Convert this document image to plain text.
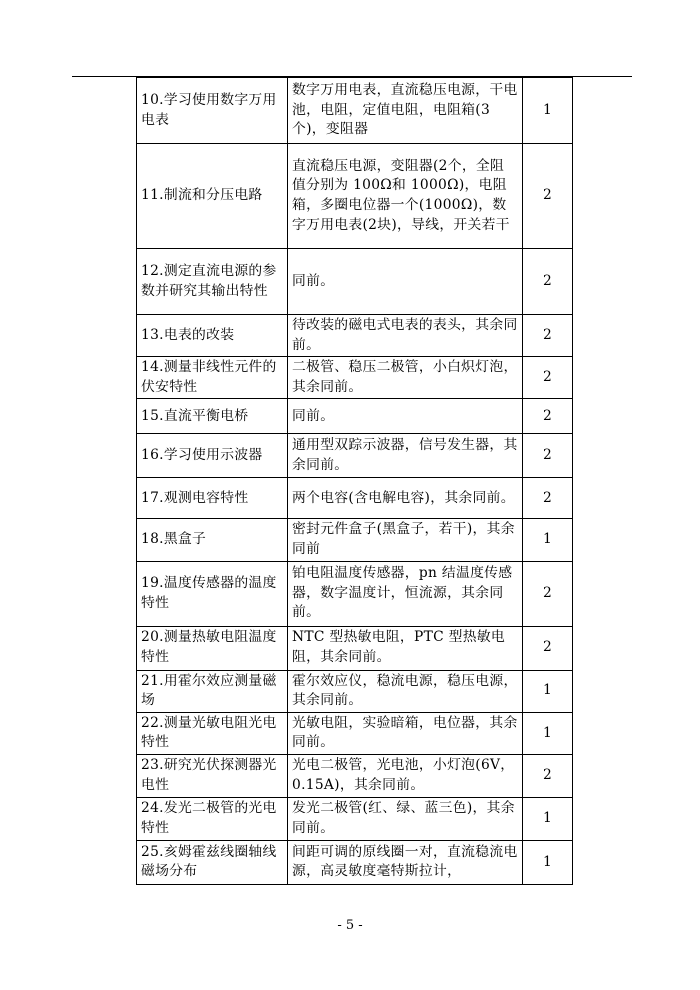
10.学习使用数字万用电表	数字万用电表，直流稳压电源，干电池，电阻，定值电阻，电阻箱(3个)，变阻器	1
11.制流和分压电路	直流稳压电源，变阻器(2个，全阻值分别为 100Ω和 1000Ω)，电阻箱，多圈电位器一个(1000Ω)，数字万用电表(2块)，导线，开关若干	2
12.测定直流电源的参数并研究其输出特性	同前。	2
13.电表的改装	待改装的磁电式电表的表头，其余同前。	2
14.测量非线性元件的伏安特性	二极管、稳压二极管，小白炽灯泡，其余同前。	2
15.直流平衡电桥	同前。	2
16.学习使用示波器	通用型双踪示波器，信号发生器，其余同前。	2
17.观测电容特性	两个电容(含电解电容)，其余同前。	2
18.黑盒子	密封元件盒子(黑盒子，若干)，其余同前	1
19.温度传感器的温度特性	铂电阻温度传感器，pn 结温度传感器，数字温度计，恒流源，其余同前。	2
20.测量热敏电阻温度特性	NTC 型热敏电阻，PTC 型热敏电阻，其余同前。	2
21.用霍尔效应测量磁场	霍尔效应仪，稳流电源，稳压电源，其余同前。	1
22.测量光敏电阻光电特性	光敏电阻，实验暗箱，电位器，其余同前。	1
23.研究光伏探测器光电性	光电二极管，光电池，小灯泡(6V，0.15A)，其余同前。	2
24.发光二极管的光电特性	发光二极管(红、绿、蓝三色)，其余同前。	1
25.亥姆霍兹线圈轴线磁场分布	间距可调的原线圈一对，直流稳流电源，高灵敏度毫特斯拉计，	1
- 5 -
